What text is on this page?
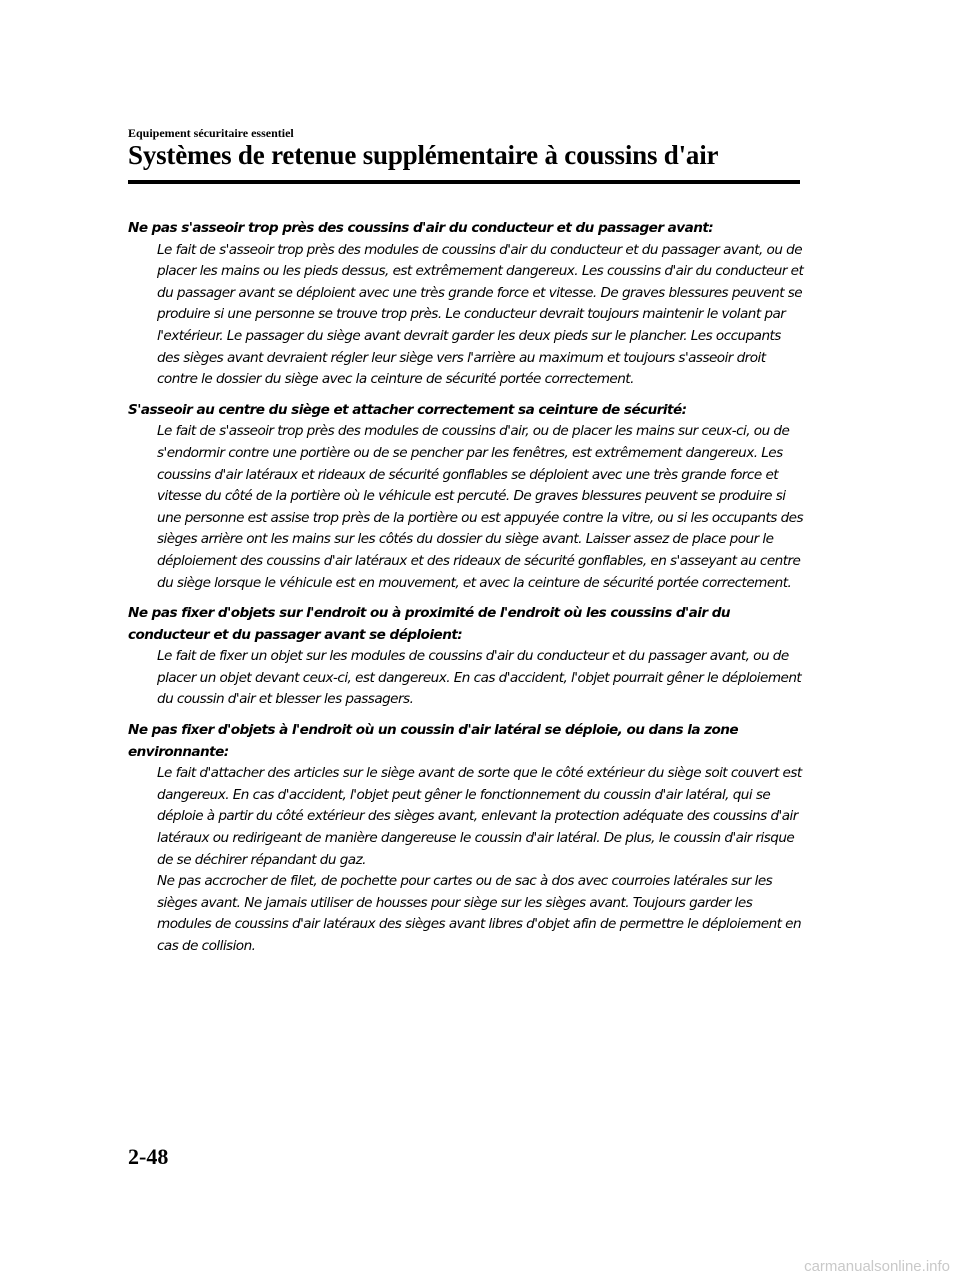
Equipement sécuritaire essentiel
Systèmes de retenue supplémentaire à coussins d'air
Ne pas s'asseoir trop près des coussins d'air du conducteur et du passager avant:

Le fait de s'asseoir trop près des modules de coussins d'air du conducteur et du passager avant, ou de placer les mains ou les pieds dessus, est extrêmement dangereux. Les coussins d'air du conducteur et du passager avant se déploient avec une très grande force et vitesse. De graves blessures peuvent se produire si une personne se trouve trop près. Le conducteur devrait toujours maintenir le volant par l'extérieur. Le passager du siège avant devrait garder les deux pieds sur le plancher. Les occupants des sièges avant devraient régler leur siège vers l'arrière au maximum et toujours s'asseoir droit contre le dossier du siège avec la ceinture de sécurité portée correctement.

S'asseoir au centre du siège et attacher correctement sa ceinture de sécurité:

Le fait de s'asseoir trop près des modules de coussins d'air, ou de placer les mains sur ceux-ci, ou de s'endormir contre une portière ou de se pencher par les fenêtres, est extrêmement dangereux. Les coussins d'air latéraux et rideaux de sécurité gonflables se déploient avec une très grande force et vitesse du côté de la portière où le véhicule est percuté. De graves blessures peuvent se produire si une personne est assise trop près de la portière ou est appuyée contre la vitre, ou si les occupants des sièges arrière ont les mains sur les côtés du dossier du siège avant. Laisser assez de place pour le déploiement des coussins d'air latéraux et des rideaux de sécurité gonflables, en s'asseyant au centre du siège lorsque le véhicule est en mouvement, et avec la ceinture de sécurité portée correctement.

Ne pas fixer d'objets sur l'endroit ou à proximité de l'endroit où les coussins d'air du conducteur et du passager avant se déploient:

Le fait de fixer un objet sur les modules de coussins d'air du conducteur et du passager avant, ou de placer un objet devant ceux-ci, est dangereux. En cas d'accident, l'objet pourrait gêner le déploiement du coussin d'air et blesser les passagers.

Ne pas fixer d'objets à l'endroit où un coussin d'air latéral se déploie, ou dans la zone environnante:

Le fait d'attacher des articles sur le siège avant de sorte que le côté extérieur du siège soit couvert est dangereux. En cas d'accident, l'objet peut gêner le fonctionnement du coussin d'air latéral, qui se déploie à partir du côté extérieur des sièges avant, enlevant la protection adéquate des coussins d'air latéraux ou redirigeant de manière dangereuse le coussin d'air latéral. De plus, le coussin d'air risque de se déchirer répandant du gaz.

Ne pas accrocher de filet, de pochette pour cartes ou de sac à dos avec courroies latérales sur les sièges avant. Ne jamais utiliser de housses pour siège sur les sièges avant. Toujours garder les modules de coussins d'air latéraux des sièges avant libres d'objet afin de permettre le déploiement en cas de collision.

2-48
carmanualsonline.info
